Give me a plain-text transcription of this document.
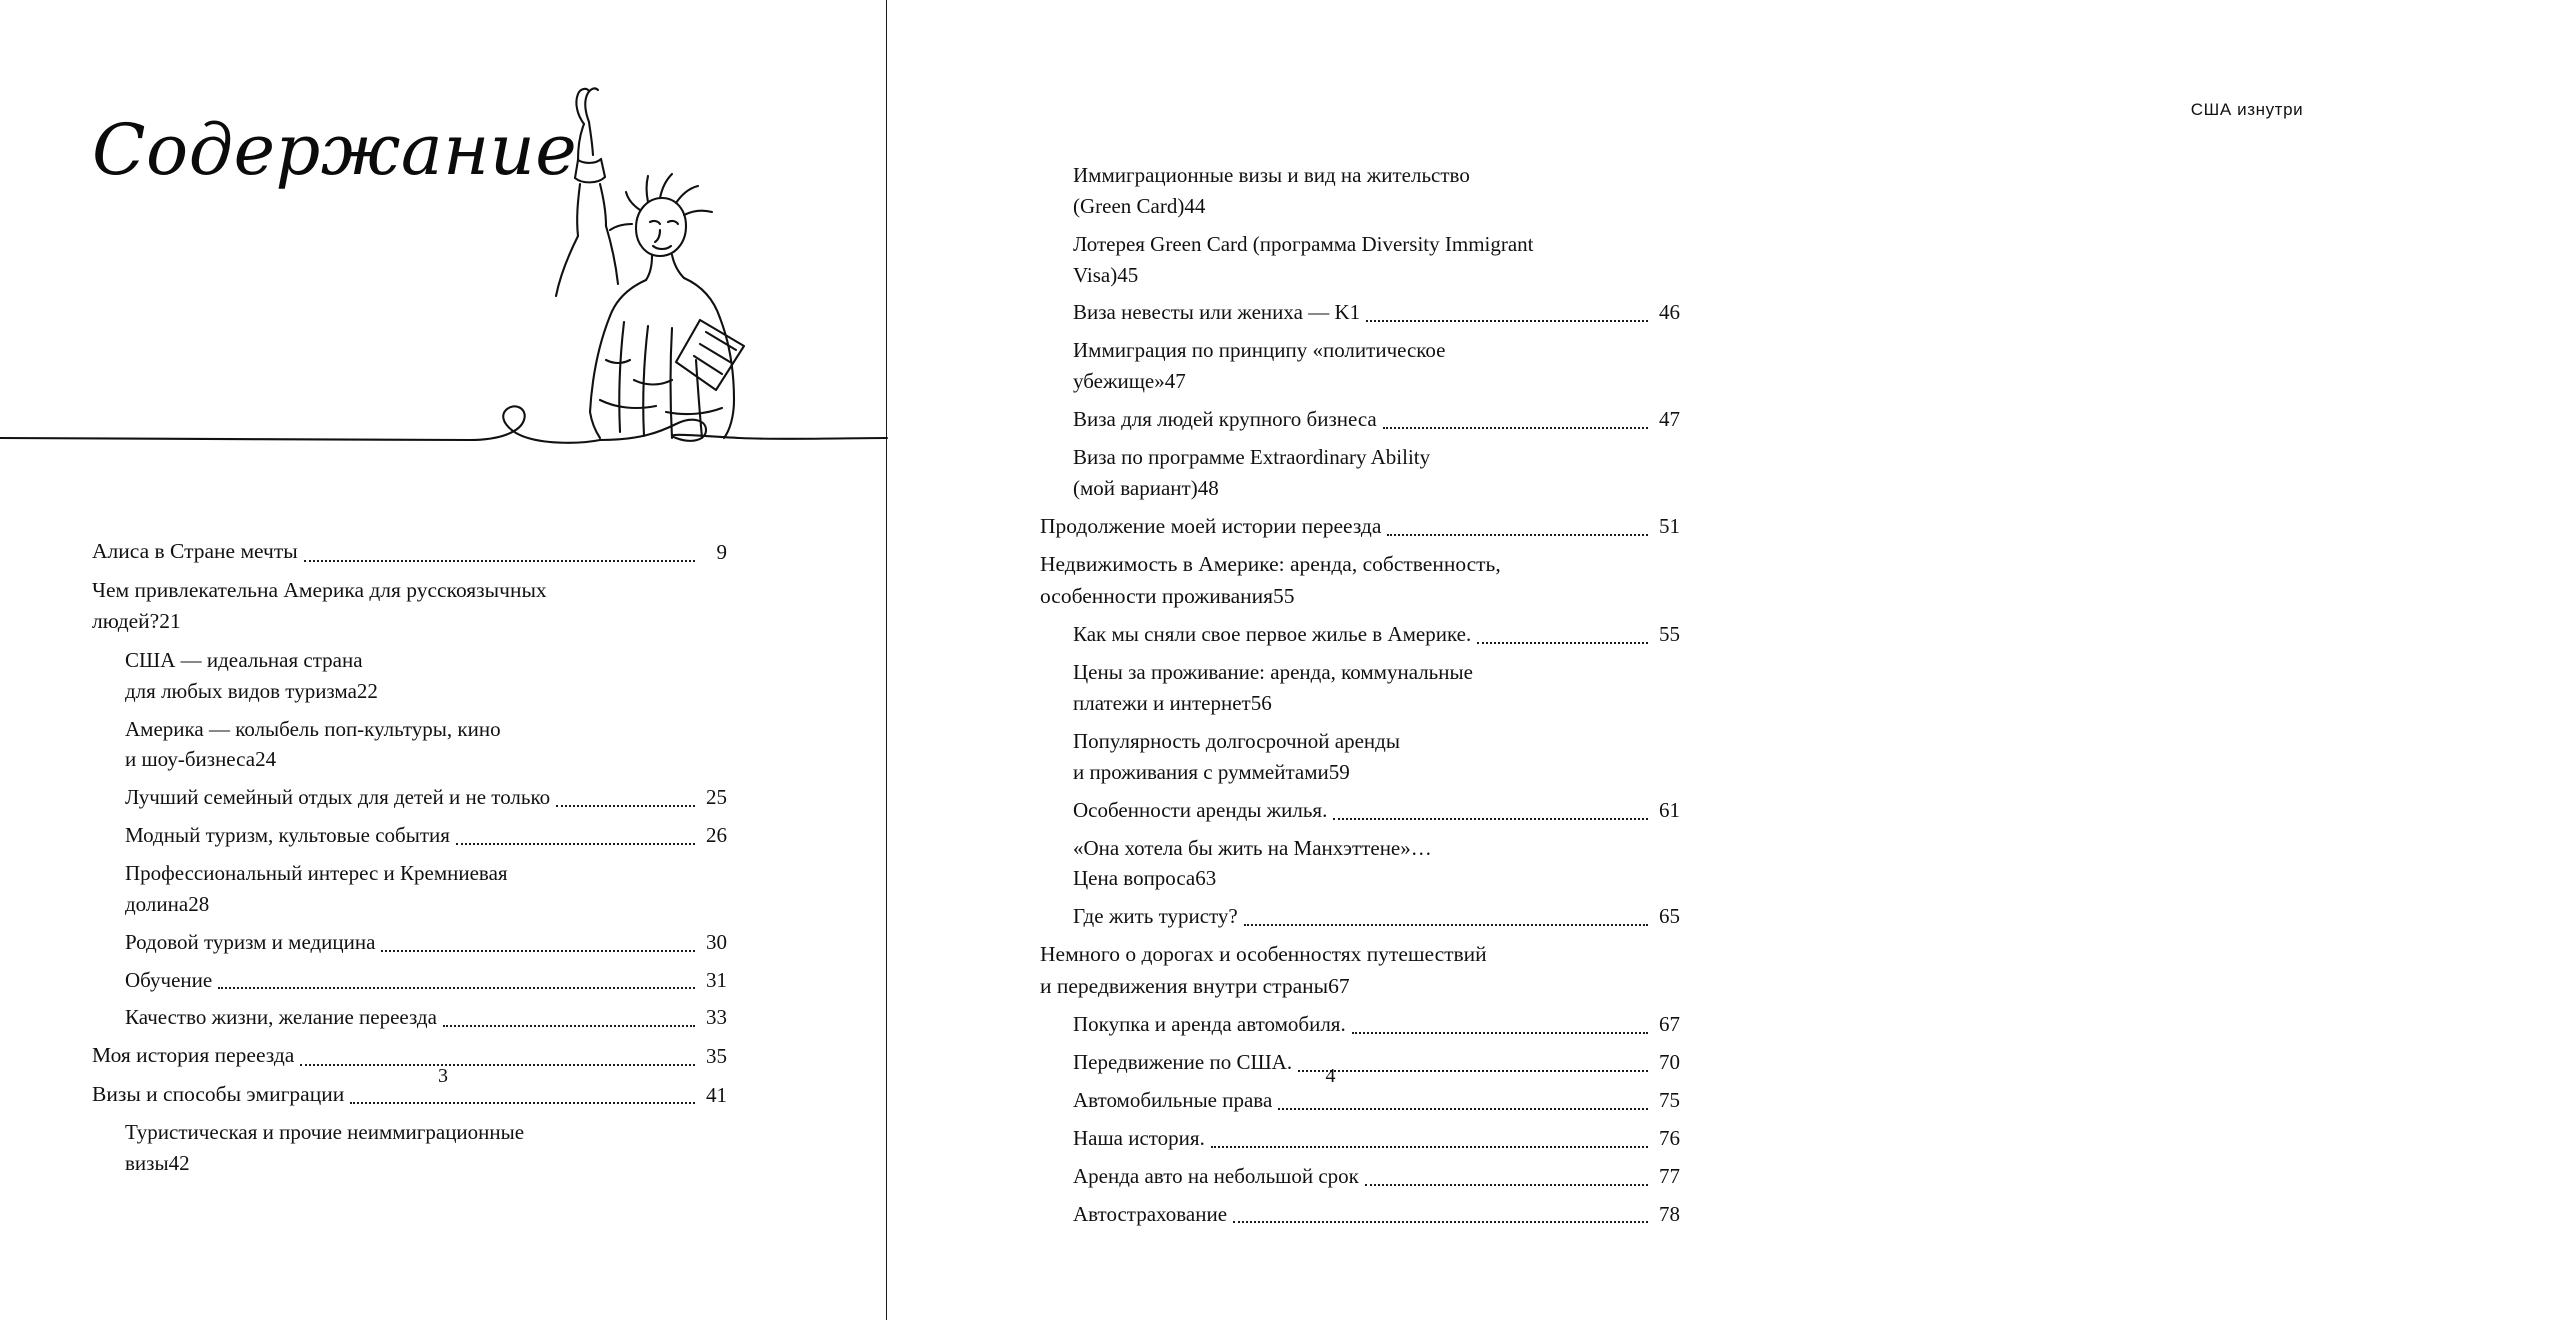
Содержание
Алиса в Стране мечты	9
Чем привлекательна Америка для русскоязычных
людей? 21
США — идеальная страна
для любых видов туризма 22
Америка — колыбель поп-культуры, кино
и шоу-бизнеса 24
Лучший семейный отдых для детей и не только	25
Модный туризм, культовые события	26
Профессиональный интерес и Кремниевая
долина 28
Родовой туризм и медицина	30
Обучение	31
Качество жизни, желание переезда	33
Моя история переезда	35
Визы и способы эмиграции	41
Туристическая и прочие неиммиграционные
визы 42
3
США изнутри
Иммиграционные визы и вид на жительство
(Green Card) 44
Лотерея Green Card (программа Diversity Immigrant
Visa) 45
Виза невесты или жениха — K1	46
Иммиграция по принципу «политическое
убежище» 47
Виза для людей крупного бизнеса	47
Виза по программе Extraordinary Ability
(мой вариант) 48
Продолжение моей истории переезда	51
Недвижимость в Америке: аренда, собственность,
особенности проживания 55
Как мы сняли свое первое жилье в Америке.	55
Цены за проживание: аренда, коммунальные
платежи и интернет 56
Популярность долгосрочной аренды
и проживания с руммейтами 59
Особенности аренды жилья.	61
«Она хотела бы жить на Манхэттене»…
Цена вопроса 63
Где жить туристу?	65
Немного о дорогах и особенностях путешествий
и передвижения внутри страны 67
Покупка и аренда автомобиля.	67
Передвижение по США.	70
Автомобильные права	75
Наша история.	76
Аренда авто на небольшой срок	77
Автострахование	78
4
